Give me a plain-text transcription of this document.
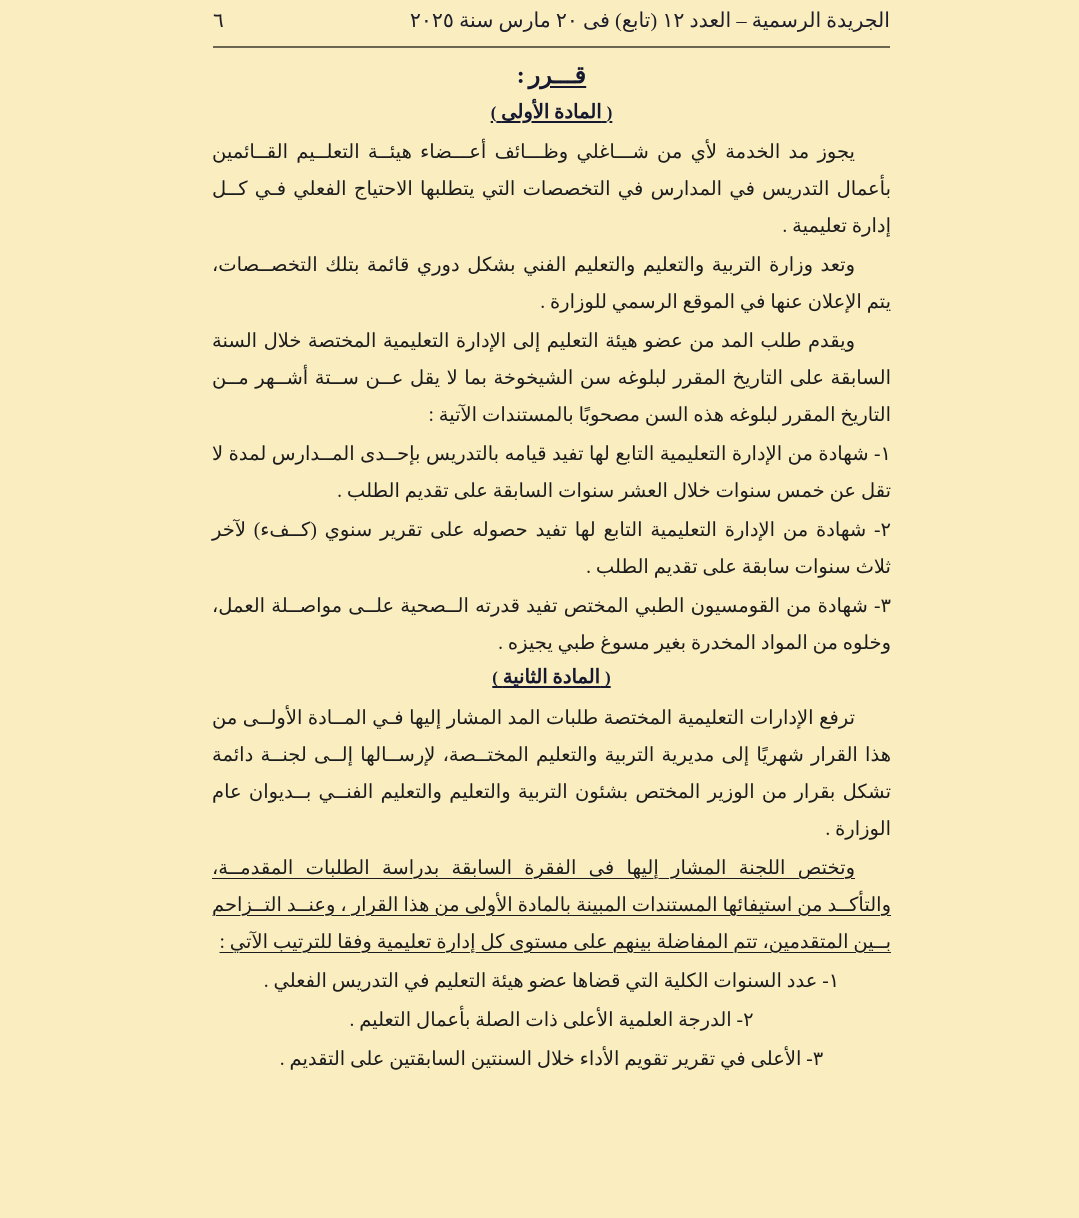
الجريدة الرسمية – العدد ١٢ (تابع) فى ٢٠ مارس سنة ٢٠٢٥
٦
قـــرر:
( المادة الأولى )

يجوز مد الخدمة لأي من شـــاغلي وظـــائف أعـــضاء هيئــة التعلــيم القــائمين بأعمال التدريس في المدارس في التخصصات التي يتطلبها الاحتياج الفعلي فـي كــل إدارة تعليمية .

وتعد وزارة التربية والتعليم والتعليم الفني بشكل دوري قائمة بتلك التخصــصات، يتم الإعلان عنها في الموقع الرسمي للوزارة .

ويقدم طلب المد من عضو هيئة التعليم إلى الإدارة التعليمية المختصة خلال السنة السابقة على التاريخ المقرر لبلوغه سن الشيخوخة بما لا يقل عــن ســتة أشــهر مــن التاريخ المقرر لبلوغه هذه السن مصحوبًا بالمستندات الآتية :

١- شهادة من الإدارة التعليمية التابع لها تفيد قيامه بالتدريس بإحــدى المــدارس لمدة لا تقل عن خمس سنوات خلال العشر سنوات السابقة على تقديم الطلب .

٢- شهادة من الإدارة التعليمية التابع لها تفيد حصوله على تقرير سنوي (كــفء) لآخر ثلاث سنوات سابقة على تقديم الطلب .

٣- شهادة من القومسيون الطبي المختص تفيد قدرته الــصحية علــى مواصــلة العمل، وخلوه من المواد المخدرة بغير مسوغ طبي يجيزه .

( المادة الثانية )

ترفع الإدارات التعليمية المختصة طلبات المد المشار إليها فـي المــادة الأولــى من هذا القرار شهريًا إلى مديرية التربية والتعليم المختــصة، لإرســالها إلــى لجنــة دائمة تشكل بقرار من الوزير المختص بشئون التربية والتعليم والتعليم الفنــي بــديوان عام الوزارة .

وتختص اللجنة المشار إليها فى الفقرة السابقة بدراسة الطلبات المقدمــة، والتأكــد من استيفائها المستندات المبينة بالمادة الأولى من هذا القرار ، وعنــد التــزاحم بــين المتقدمين، تتم المفاضلة بينهم على مستوى كل إدارة تعليمية وفقا للترتيب الآتي :

١- عدد السنوات الكلية التي قضاها عضو هيئة التعليم في التدريس الفعلي .

٢- الدرجة العلمية الأعلى ذات الصلة بأعمال التعليم .

٣- الأعلى في تقرير تقويم الأداء خلال السنتين السابقتين على التقديم .
